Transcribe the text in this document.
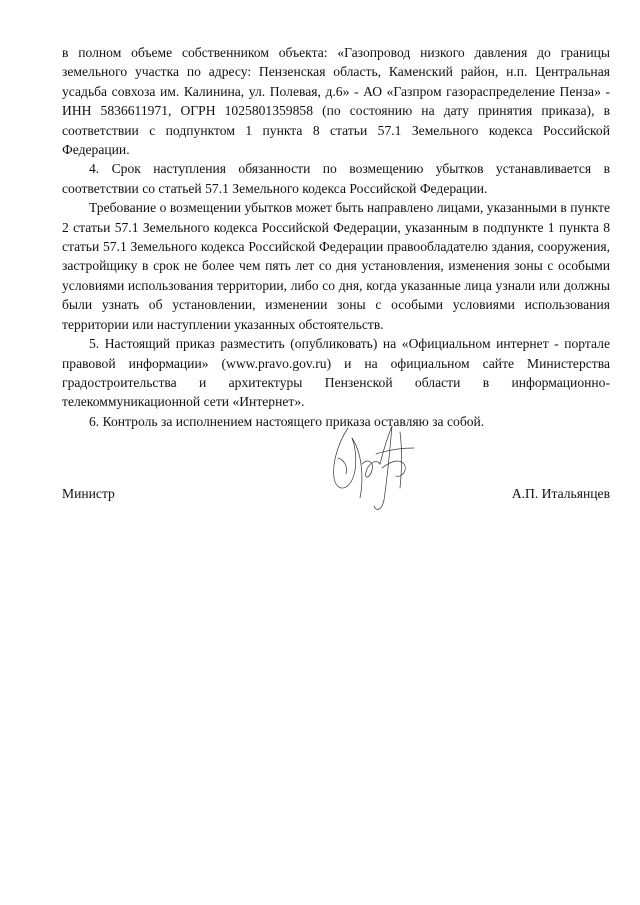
в полном объеме собственником объекта: «Газопровод низкого давления до границы земельного участка по адресу: Пензенская область, Каменский район, н.п. Центральная усадьба совхоза им. Калинина, ул. Полевая, д.6» - АО «Газпром газораспределение Пенза» - ИНН 5836611971, ОГРН 1025801359858 (по состоянию на дату принятия приказа), в соответствии с подпунктом 1 пункта 8 статьи 57.1 Земельного кодекса Российской Федерации.

4. Срок наступления обязанности по возмещению убытков устанавливается в соответствии со статьей 57.1 Земельного кодекса Российской Федерации.

Требование о возмещении убытков может быть направлено лицами, указанными в пункте 2 статьи 57.1 Земельного кодекса Российской Федерации, указанным в подпункте 1 пункта 8 статьи 57.1 Земельного кодекса Российской Федерации правообладателю здания, сооружения, застройщику в срок не более чем пять лет со дня установления, изменения зоны с особыми условиями использования территории, либо со дня, когда указанные лица узнали или должны были узнать об установлении, изменении зоны с особыми условиями использования территории или наступлении указанных обстоятельств.

5. Настоящий приказ разместить (опубликовать) на «Официальном интернет - портале правовой информации» (www.pravo.gov.ru) и на официальном сайте Министерства градостроительства и архитектуры Пензенской области в информационно-телекоммуникационной сети «Интернет».

6. Контроль за исполнением настоящего приказа оставляю за собой.

Министр	А.П. Итальянцев
